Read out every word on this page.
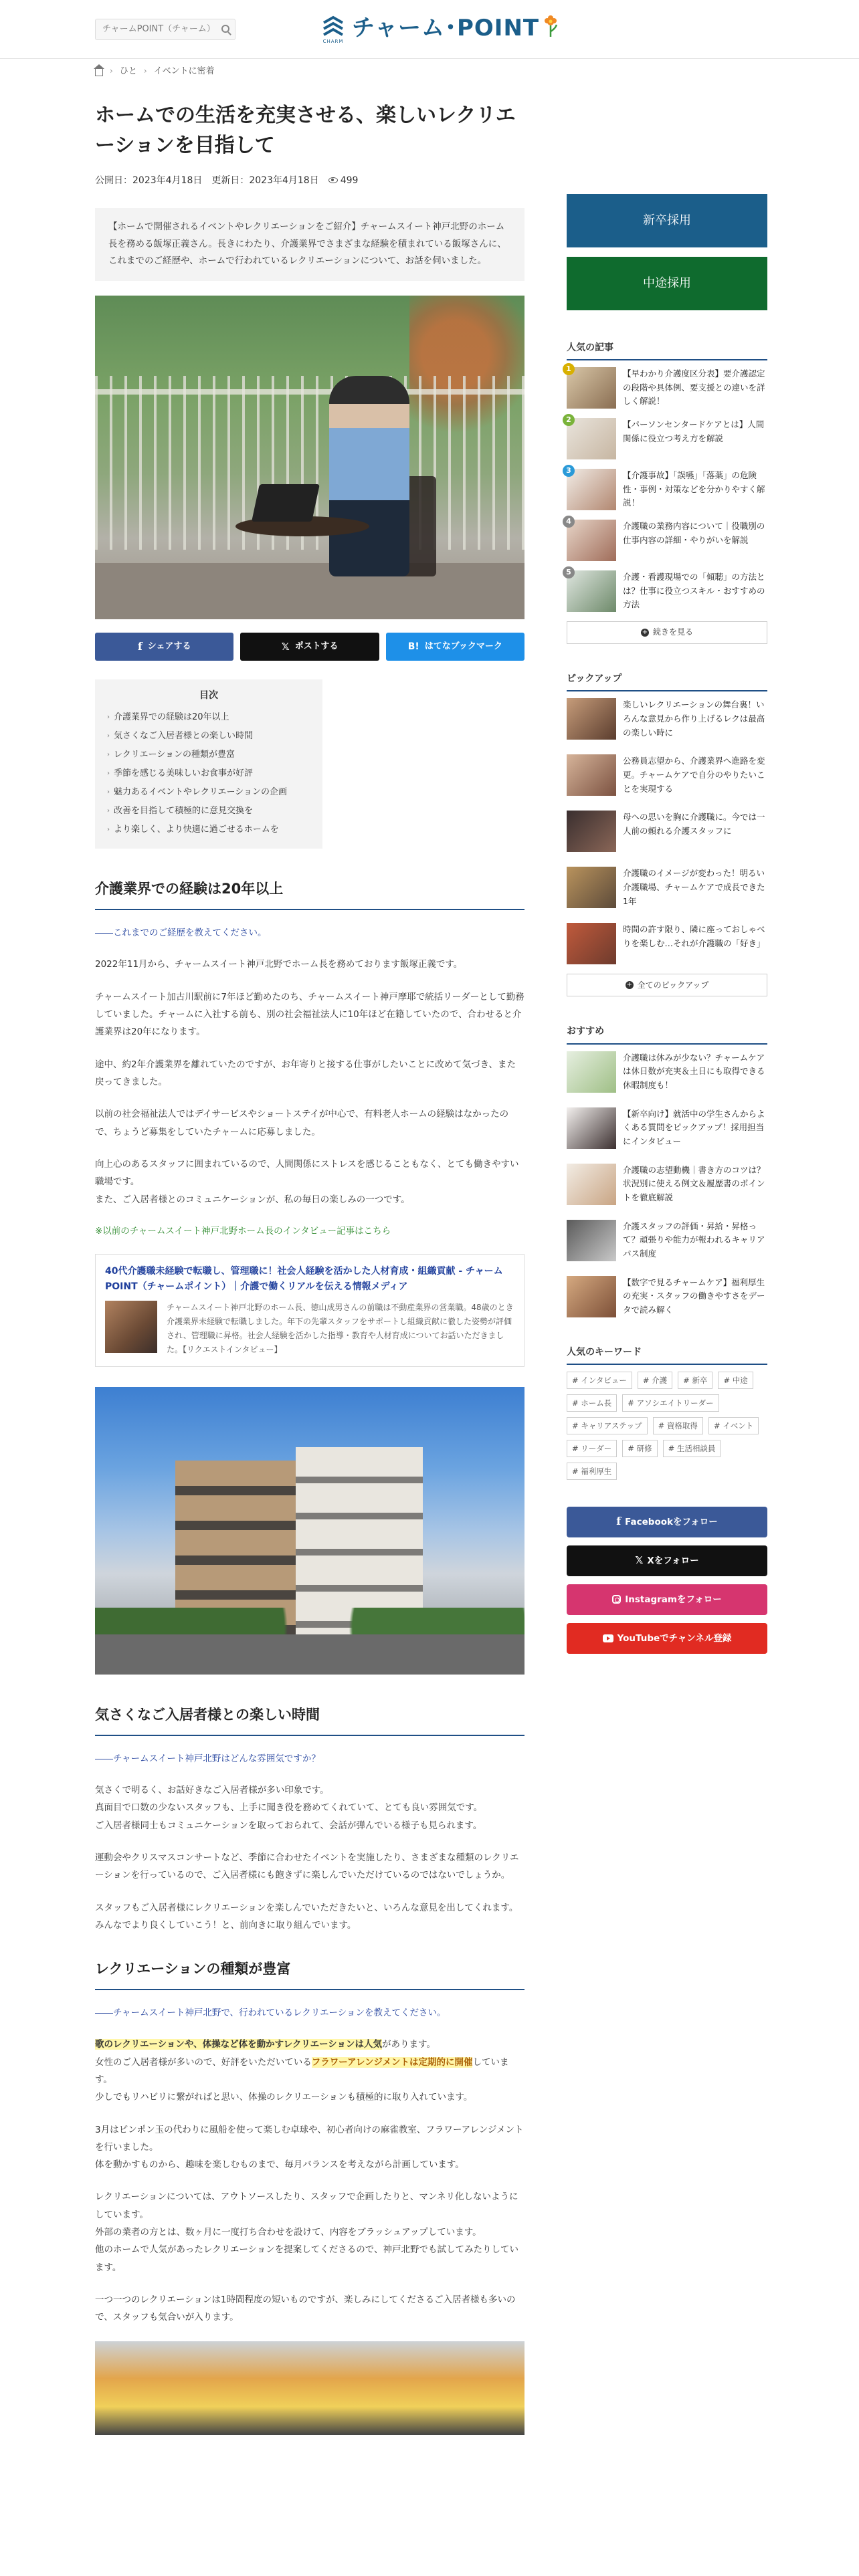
チャームPOINT（チャーム）
CHARM チャーム･POINT
› ひと › イベントに密着
ホームでの生活を充実させる、楽しいレクリエーションを目指して
公開日：2023年4月18日 更新日：2023年4月18日	499
【ホームで開催されるイベントやレクリエーションをご紹介】チャームスイート神戸北野のホーム長を務める飯塚正義さん。長きにわたり、介護業界でさまざまな経験を積まれている飯塚さんに、これまでのご経歴や、ホームで行われているレクリエーションについて、お話を伺いました。
f シェアする	𝕏 ポストする	B! はてなブックマーク
目次
› 介護業界での経験は20年以上
› 気さくなご入居者様との楽しい時間
› レクリエーションの種類が豊富
› 季節を感じる美味しいお食事が好評
› 魅力あるイベントやレクリエーションの企画
› 改善を目指して積極的に意見交換を
› より楽しく、より快適に過ごせるホームを
介護業界での経験は20年以上
――これまでのご経歴を教えてください。

2022年11月から、チャームスイート神戸北野でホーム長を務めております飯塚正義です。

チャームスイート加古川駅前に7年ほど勤めたのち、チャームスイート神戸摩耶で統括リーダーとして勤務していました。チャームに入社する前も、別の社会福祉法人に10年ほど在籍していたので、合わせると介護業界は20年になります。

途中、約2年介護業界を離れていたのですが、お年寄りと接する仕事がしたいことに改めて気づき、また戻ってきました。

以前の社会福祉法人ではデイサービスやショートステイが中心で、有料老人ホームの経験はなかったので、ちょうど募集をしていたチャームに応募しました。

向上心のあるスタッフに囲まれているので、人間関係にストレスを感じることもなく、とても働きやすい職場です。
また、ご入居者様とのコミュニケーションが、私の毎日の楽しみの一つです。

※以前のチャームスイート神戸北野ホーム長のインタビュー記事はこちら
40代介護職未経験で転職し、管理職に！社会人経験を活かした人材育成・組織貢献 - チャームPOINT（チャームポイント）｜介護で働くリアルを伝える情報メディア
チャームスイート神戸北野のホーム長、徳山成男さんの前職は不動産業界の営業職。48歳のとき介護業界未経験で転職しました。年下の先輩スタッフをサポートし組織貢献に徹した姿勢が評価され、管理職に昇格。社会人経験を活かした指導・教育や人材育成についてお話いただきました。【リクエストインタビュー】
気さくなご入居者様との楽しい時間
――チャームスイート神戸北野はどんな雰囲気ですか？

気さくで明るく、お話好きなご入居者様が多い印象です。
真面目で口数の少ないスタッフも、上手に聞き役を務めてくれていて、とても良い雰囲気です。
ご入居者様同士もコミュニケーションを取っておられて、会話が弾んでいる様子も見られます。

運動会やクリスマスコンサートなど、季節に合わせたイベントを実施したり、さまざまな種類のレクリエーションを行っているので、ご入居者様にも飽きずに楽しんでいただけているのではないでしょうか。

スタッフもご入居者様にレクリエーションを楽しんでいただきたいと、いろんな意見を出してくれます。
みんなでより良くしていこう！と、前向きに取り組んでいます。

レクリエーションの種類が豊富
――チャームスイート神戸北野で、行われているレクリエーションを教えてください。

歌のレクリエーションや、体操など体を動かすレクリエーションは人気があります。
女性のご入居者様が多いので、好評をいただいているフラワーアレンジメントは定期的に開催しています。
少しでもリハビリに繋がればと思い、体操のレクリエーションも積極的に取り入れています。

3月はピンポン玉の代わりに風船を使って楽しむ卓球や、初心者向けの麻雀教室、フラワーアレンジメントを行いました。
体を動かすものから、趣味を楽しむものまで、毎月バランスを考えながら計画しています。

レクリエーションについては、アウトソースしたり、スタッフで企画したりと、マンネリ化しないようにしています。
外部の業者の方とは、数ヶ月に一度打ち合わせを設けて、内容をブラッシュアップしています。
他のホームで人気があったレクリエーションを提案してくださるので、神戸北野でも試してみたりしています。

一つ一つのレクリエーションは1時間程度の短いものですが、楽しみにしてくださるご入居者様も多いので、スタッフも気合いが入ります。

新卒採用
中途採用
人気の記事
1	【早わかり介護度区分表】要介護認定の段階や具体例、要支援との違いを詳しく解説！
2	【パーソンセンタードケアとは】人間関係に役立つ考え方を解説
3	【介護事故】「誤嚥」「落薬」の危険性・事例・対策などを分かりやすく解説！
4	介護職の業務内容について｜役職別の仕事内容の詳細・やりがいを解説
5	介護・看護現場での「傾聴」の方法とは？仕事に役立つスキル・おすすめの方法
+ 続きを見る
ピックアップ
楽しいレクリエーションの舞台裏！いろんな意見から作り上げるレクは最高の楽しい時に
公務員志望から、介護業界へ進路を変更。チャームケアで自分のやりたいことを実現する
母への思いを胸に介護職に。今では一人前の頼れる介護スタッフに
介護職のイメージが変わった！明るい介護職場、チャームケアで成長できた1年
時間の許す限り、隣に座っておしゃべりを楽しむ…それが介護職の「好き」
+ 全てのピックアップ
おすすめ
介護職は休みが少ない？チャームケアは休日数が充実＆土日にも取得できる休暇制度も！
【新卒向け】就活中の学生さんからよくある質問をピックアップ！採用担当にインタビュー
介護職の志望動機｜書き方のコツは？状況別に使える例文＆履歴書のポイントを徹底解説
介護スタッフの評価・昇給・昇格って？頑張りや能力が報われるキャリアパス制度
【数字で見るチャームケア】福利厚生の充実・スタッフの働きやすさをデータで読み解く
人気のキーワード
# インタビュー	# 介護	# 新卒	# 中途
# ホーム長	# アソシエイトリーダー
# キャリアステップ	# 資格取得	# イベント
# リーダー	# 研修	# 生活相談員
# 福利厚生
f Facebookをフォロー
𝕏 Xをフォロー
Instagramをフォロー
YouTubeでチャンネル登録
